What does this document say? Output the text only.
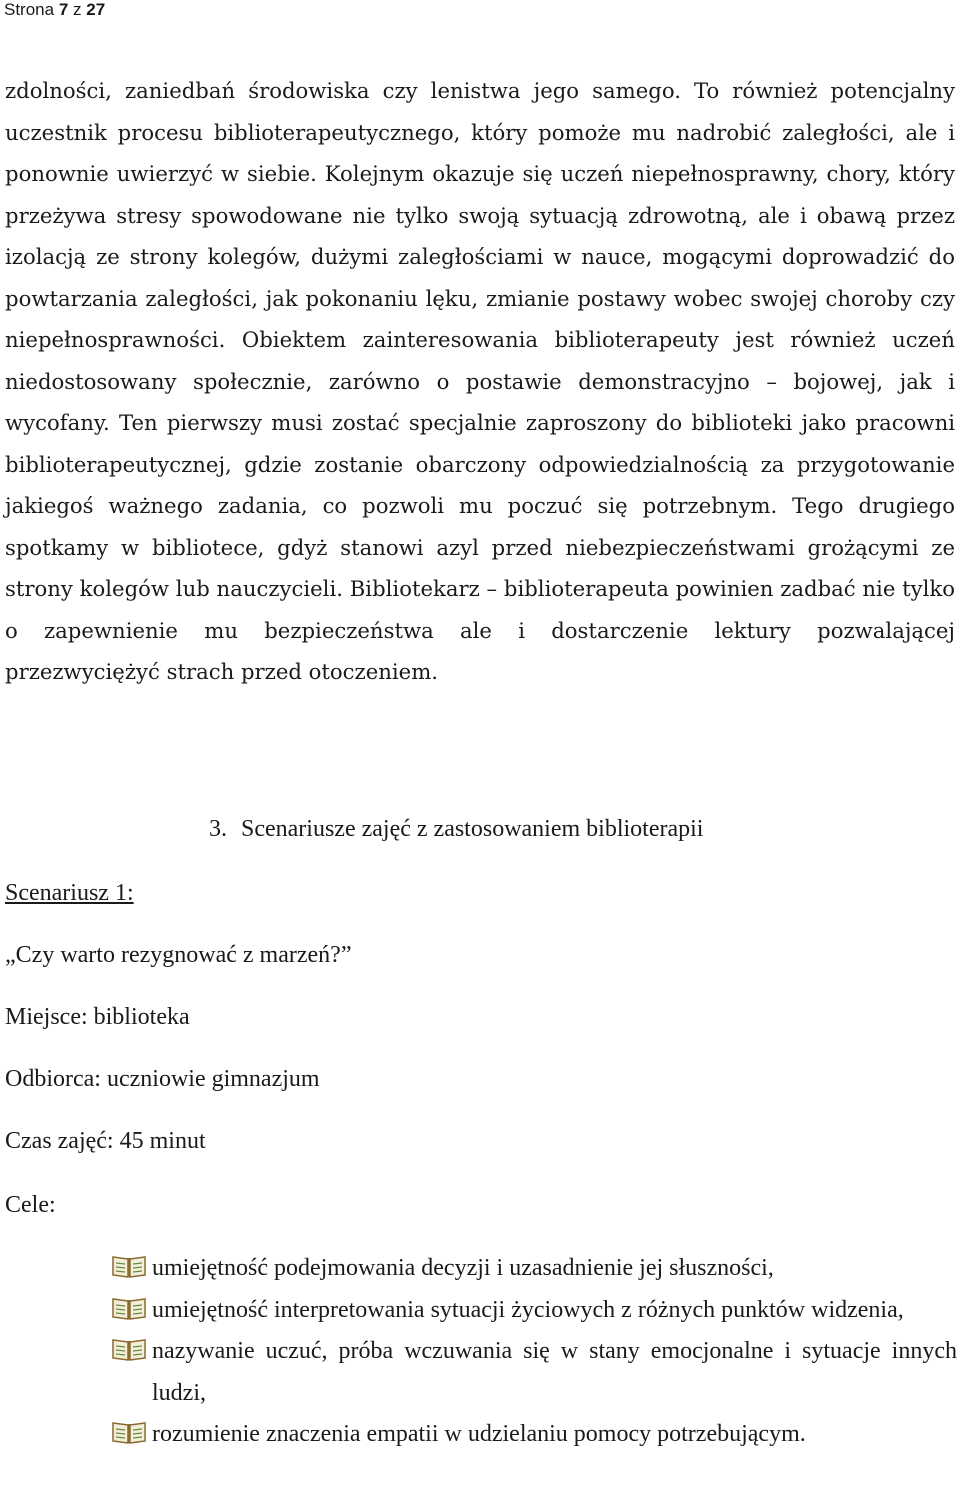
Strona 7 z 27

zdolności, zaniedbań środowiska czy lenistwa jego samego. To również potencjalny uczestnik procesu biblioterapeutycznego, który pomoże mu nadrobić zaległości, ale i ponownie uwierzyć w siebie. Kolejnym okazuje się uczeń niepełnosprawny, chory, który przeżywa stresy spowodowane nie tylko swoją sytuacją zdrowotną, ale i obawą przez izolacją ze strony kolegów, dużymi zaległościami w nauce, mogącymi doprowadzić do powtarzania zaległości, jak pokonaniu lęku, zmianie postawy wobec swojej choroby czy niepełnosprawności. Obiektem zainteresowania biblioterapeuty jest również uczeń niedostosowany społecznie, zarówno o postawie demonstracyjno – bojowej, jak i wycofany. Ten pierwszy musi zostać specjalnie zaproszony do biblioteki jako pracowni biblioterapeutycznej, gdzie zostanie obarczony odpowiedzialnością za przygotowanie jakiegoś ważnego zadania, co pozwoli mu poczuć się potrzebnym. Tego drugiego spotkamy w bibliotece, gdyż stanowi azyl przed niebezpieczeństwami grożącymi ze strony kolegów lub nauczycieli. Bibliotekarz – biblioterapeuta powinien zadbać nie tylko o zapewnienie mu bezpieczeństwa ale i dostarczenie lektury pozwalającej przezwyciężyć strach przed otoczeniem.

3. Scenariusze zajęć z zastosowaniem biblioterapii
Scenariusz 1:
„Czy warto rezygnować z marzeń?”
Miejsce: biblioteka
Odbiorca: uczniowie gimnazjum
Czas zajęć: 45 minut
Cele:
umiejętność podejmowania decyzji i uzasadnienie jej słuszności,
umiejętność interpretowania sytuacji życiowych z różnych punktów widzenia,
nazywanie uczuć, próba wczuwania się w stany emocjonalne i sytuacje innych ludzi,
rozumienie znaczenia empatii w udzielaniu pomocy potrzebującym.
